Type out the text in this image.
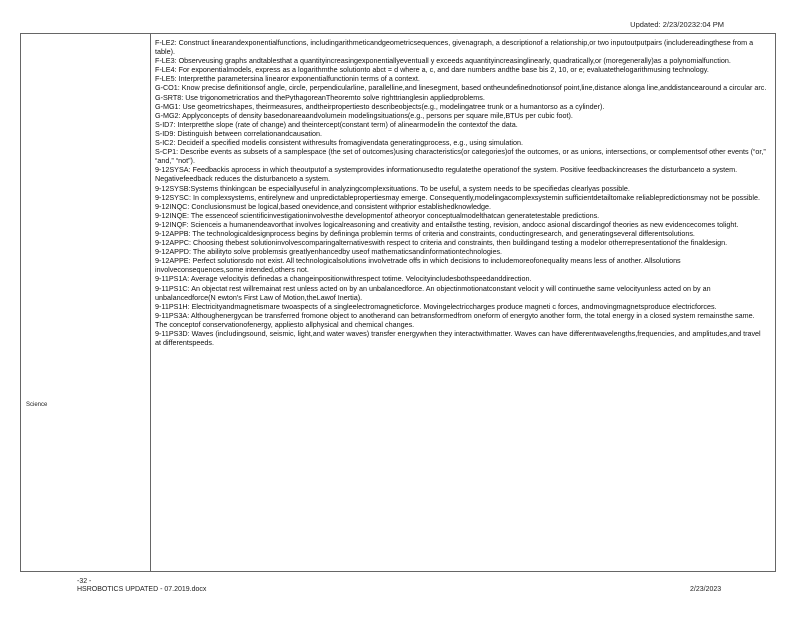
Updated: 2/23/20232:04 PM
Science

F-LE2: Construct linearandexponentialfunctions, includingarithmeticandgeometricsequences, givenagraph, a descriptionof a relationship,or two inputoutputpairs (includereadingthese from a table).

F-LE3: Observeusing graphs andtablesthat a quantityincreasingexponentiallyeventuall y exceeds aquantityincreasinglinearly, quadratically,or (moregenerally)as a polynomialfunction.

F-LE4: For exponentialmodels, express as a logarithmthe solutionto abct = d where a, c, and dare numbers andthe base bis 2, 10, or e; evaluatethelogarithmusing technology.

F-LE5: Interpretthe parametersina linearor exponentialfunctionin terms of a context.

G-CO1: Know precise definitionsof angle, circle, perpendicularline, parallelline,and linesegment, based ontheundefinednotionsof point,line,distance alonga line,anddistancearound a circular arc.

G-SRT8: Use trigonometricratios and thePythagoreanTheoremto solve righttrianglesin appliedproblems.

G-MG1: Use geometricshapes, theirmeasures, andtheirpropertiesto describeobjects(e.g., modelingatree trunk or a humantorso as a cylinder).

G-MG2: Applyconcepts of density basedonareaandvolumein modelingsituations(e.g., persons per square mile,BTUs per cubic foot).

S-ID7: Interpretthe slope (rate of change) and theintercept(constant term) of alinearmodelin the contextof the data.

S-ID9: Distinguish between correlationandcausation.

S-IC2: Decideif a specified modelis consistent withresults fromagivendata generatingprocess, e.g., using simulation.

S-CP1: Describe events as subsets of a samplespace (the set of outcomes)using characteristics(or categories)of the outcomes, or as unions, intersections, or complementsof other events (“or,” “and,” “not”).

9-12SYSA: Feedbackis aprocess in which theoutputof a systemprovides informationusedto regulatethe operationof the system. Positive feedbackincreases the disturbanceto a system. Negativefeedback reduces the disturbanceto a system.

9-12SYSB:Systems thinkingcan be especiallyuseful in analyzingcomplexsituations. To be useful, a system needs to be specifiedas clearlyas possible.

9-12SYSC: In complexsystems, entirelynew and unpredictablepropertiesmay emerge. Consequently,modelingacomplexsystemin sufficientdetailtomake reliablepredictionsmay not be possible.

9-12INQC: Conclusionsmust be logical,based onevidence,and consistent withprior establishedknowledge.

9-12INQE: The essenceof scientificinvestigationinvolvesthe developmentof atheoryor conceptualmodelthatcan generatetestable predictions.

9-12INQF: Scienceis a humanendeavorthat involves logicalreasoning and creativity and entailsthe testing, revision, andocc asional discardingof theories as new evidencecomes tolight.

9-12APPB: The technologicaldesignprocess begins by defininga problemin terms of criteria and constraints, conductingresearch, and generatingseveral differentsolutions.

9-12APPC: Choosing thebest solutioninvolvescomparingalternativeswith respect to criteria and constraints, then buildingand testing a modelor otherrepresentationof the finaldesign.

9-12APPD: The abilityto solve problemsis greatlyenhancedby useof mathematicsandinformationtechnologies.

9-12APPE: Perfect solutionsdo not exist. All technologicalsolutions involvetrade offs in which decisions to includemoreofonequality means less of another. Allsolutions involveconsequences,some intended,others not.

9-11PS1A: Average velocityis definedas a changeinpositionwithrespect totime. Velocityincludesbothspeedanddirection.

9-11PS1C: An objectat rest willremainat rest unless acted on by an unbalancedforce. An objectinmotionatconstant velocit y will continuethe same velocityunless acted on by an unbalancedforce(N ewton's First Law of Motion,theLawof Inertia).

9-11PS1H: Electricityandmagnetismare twoaspects of a singleelectromagneticforce. Movingelectriccharges produce magneti c forces, andmovingmagnetsproduce electricforces.

9-11PS3A: Althoughenergycan be transferred fromone object to anotherand can betransformedfrom oneform of energyto another form, the total energy in a closed system remainsthe same. The conceptof conservationofenergy, appliesto allphysical and chemical changes.

9-11PS3D: Waves (includingsound, seismic, light,and water waves) transfer energywhen they interactwithmatter. Waves can have differentwavelengths,frequencies, and amplitudes,and travel at differentspeeds.

-32 -
HSROBOTICS UPDATED - 07.2019.docx	2/23/2023
